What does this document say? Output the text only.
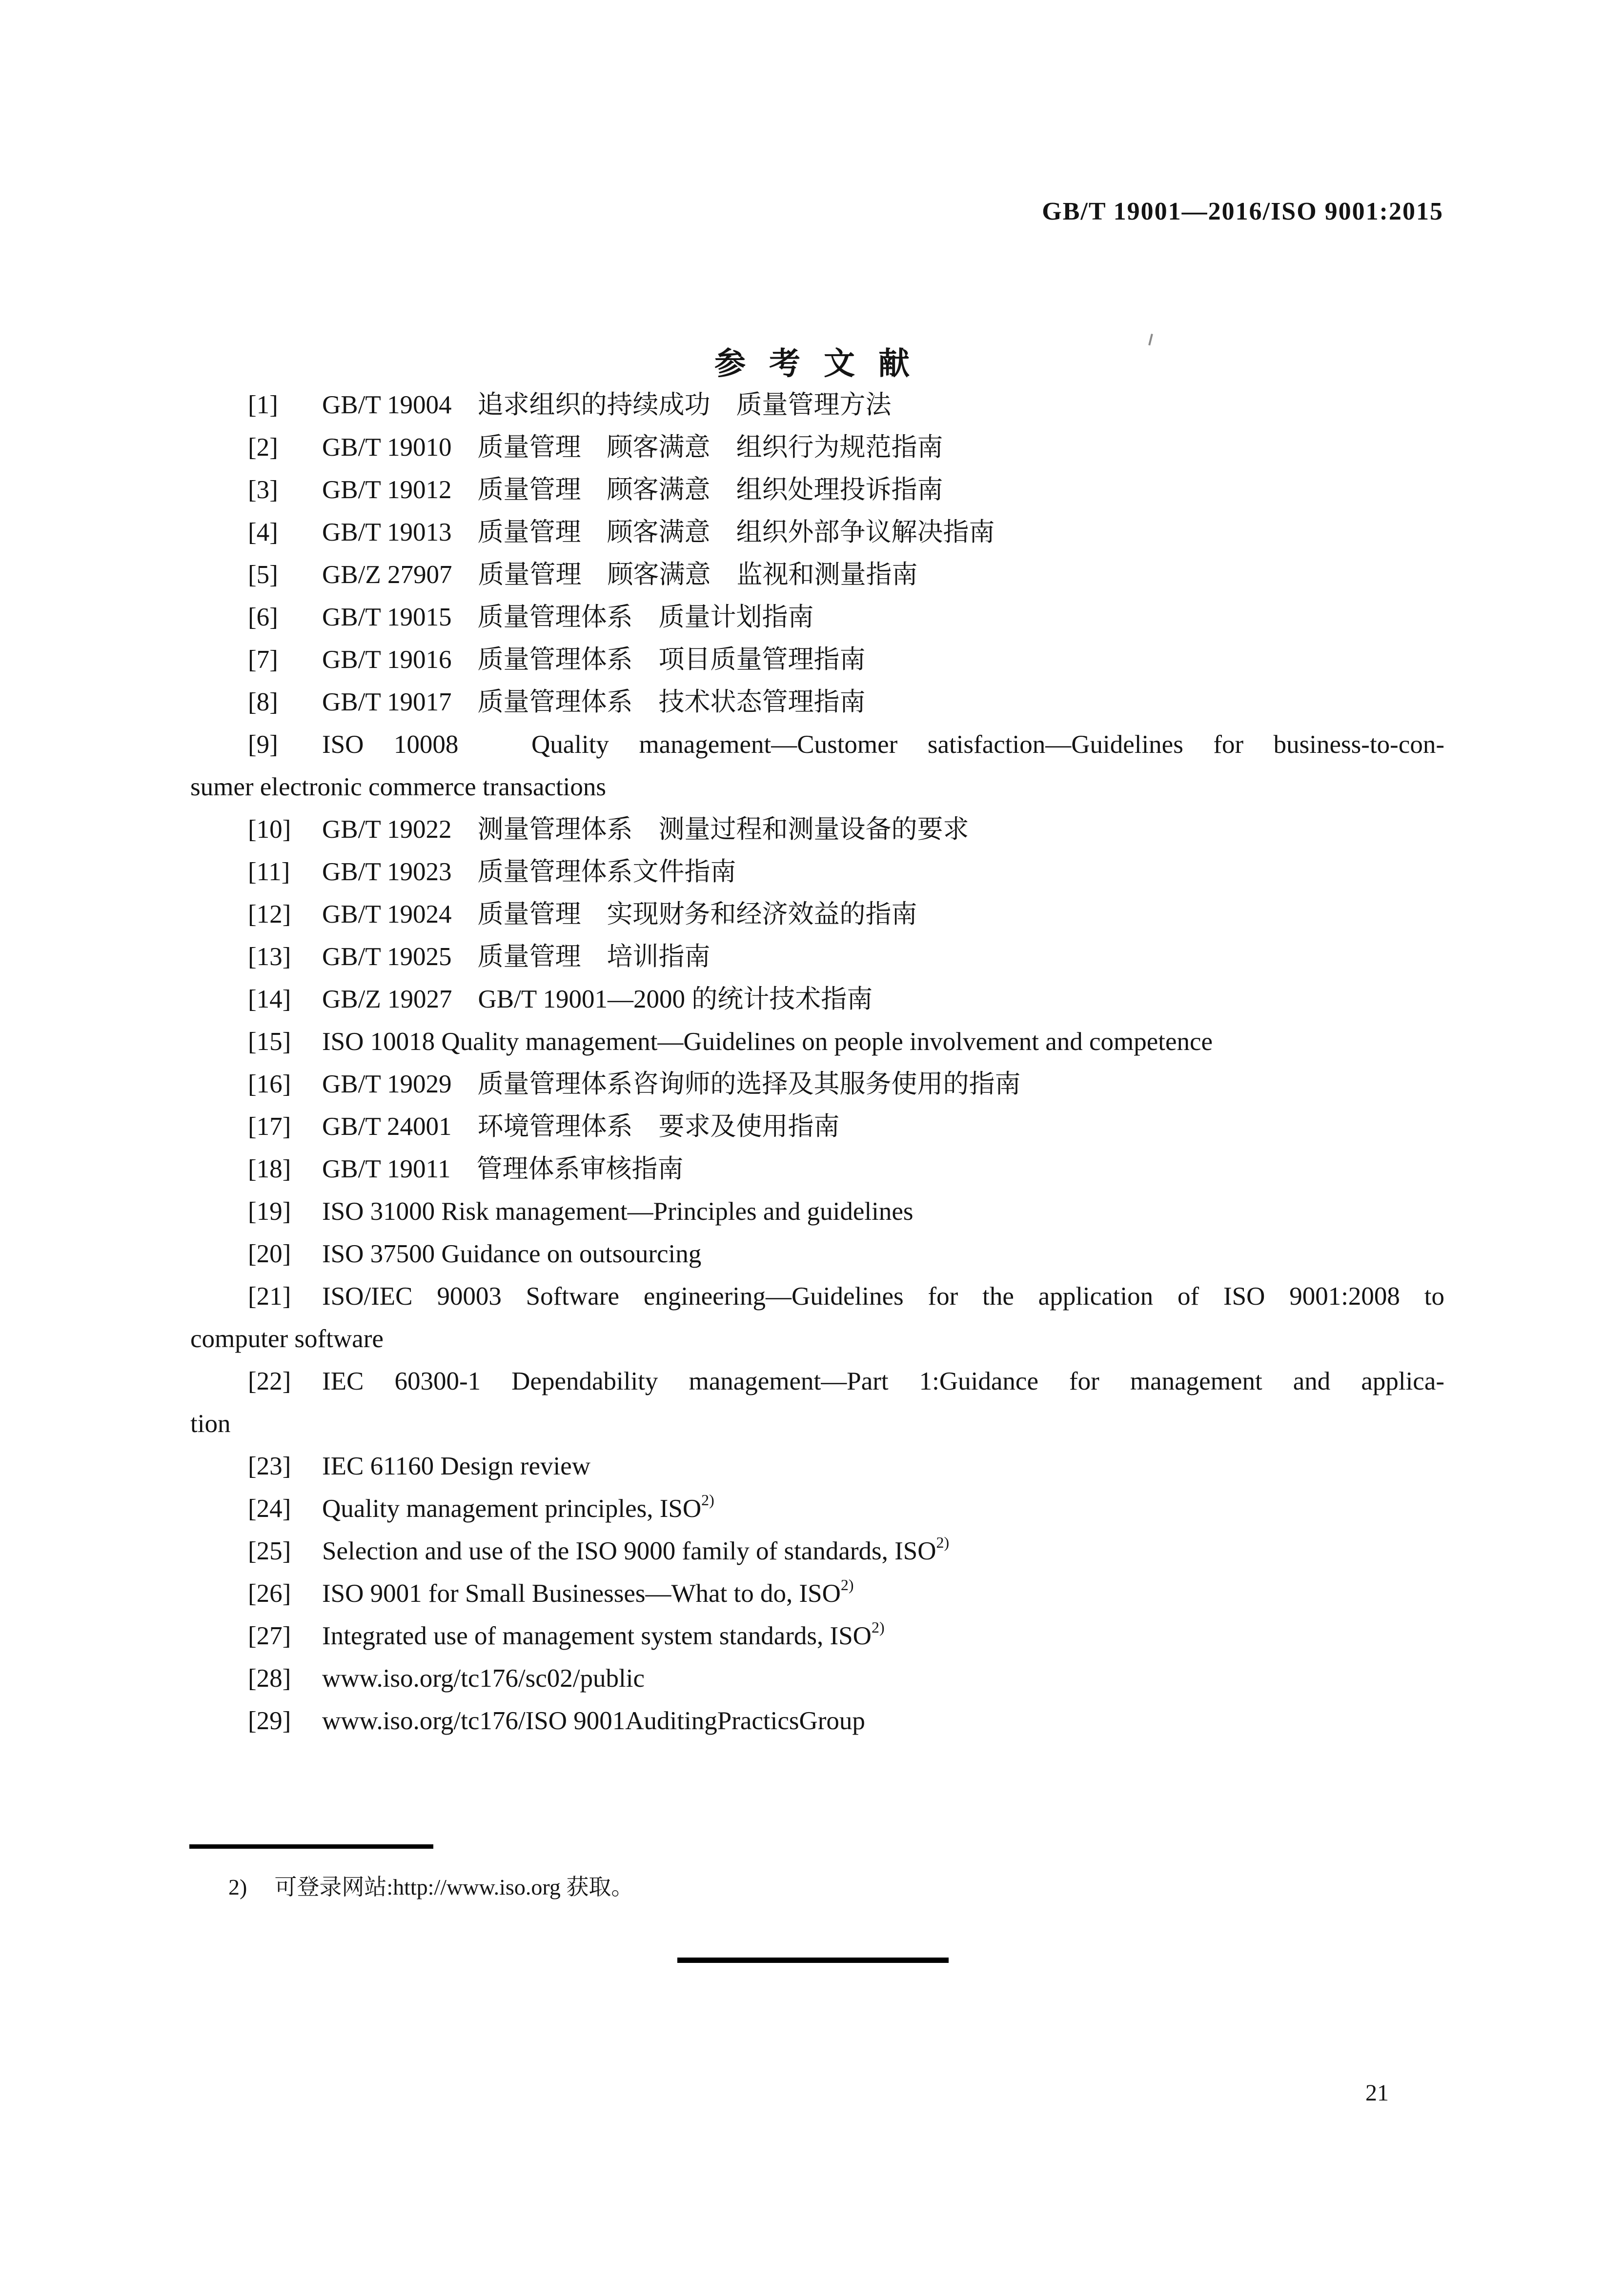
GB/T 19001—2016/ISO 9001:2015
参考文献
[1] GB/T 19004　追求组织的持续成功　质量管理方法
[2] GB/T 19010　质量管理　顾客满意　组织行为规范指南
[3] GB/T 19012　质量管理　顾客满意　组织处理投诉指南
[4] GB/T 19013　质量管理　顾客满意　组织外部争议解决指南
[5] GB/Z 27907　质量管理　顾客满意　监视和测量指南
[6] GB/T 19015　质量管理体系　质量计划指南
[7] GB/T 19016　质量管理体系　项目质量管理指南
[8] GB/T 19017　质量管理体系　技术状态管理指南
[9] ISO 10008　Quality management—Customer satisfaction—Guidelines for business-to-con-
sumer electronic commerce transactions
[10] GB/T 19022　测量管理体系　测量过程和测量设备的要求
[11] GB/T 19023　质量管理体系文件指南
[12] GB/T 19024　质量管理　实现财务和经济效益的指南
[13] GB/T 19025　质量管理　培训指南
[14] GB/Z 19027　GB/T 19001—2000 的统计技术指南
[15] ISO 10018 Quality management—Guidelines on people involvement and competence
[16] GB/T 19029　质量管理体系咨询师的选择及其服务使用的指南
[17] GB/T 24001　环境管理体系　要求及使用指南
[18] GB/T 19011　管理体系审核指南
[19] ISO 31000 Risk management—Principles and guidelines
[20] ISO 37500 Guidance on outsourcing
[21] ISO/IEC 90003 Software engineering—Guidelines for the application of ISO 9001:2008 to
computer software
[22] IEC 60300-1 Dependability management—Part 1:Guidance for management and applica-
tion
[23] IEC 61160 Design review
[24] Quality management principles, ISO$^{2)}$
[25] Selection and use of the ISO 9000 family of standards, ISO$^{2)}$
[26] ISO 9001 for Small Businesses—What to do, ISO$^{2)}$
[27] Integrated use of management system standards, ISO$^{2)}$
[28] www.iso.org/tc176/sc02/public
[29] www.iso.org/tc176/ISO 9001AuditingPracticsGroup

2) 可登录网站:http://www.iso.org 获取。

21
